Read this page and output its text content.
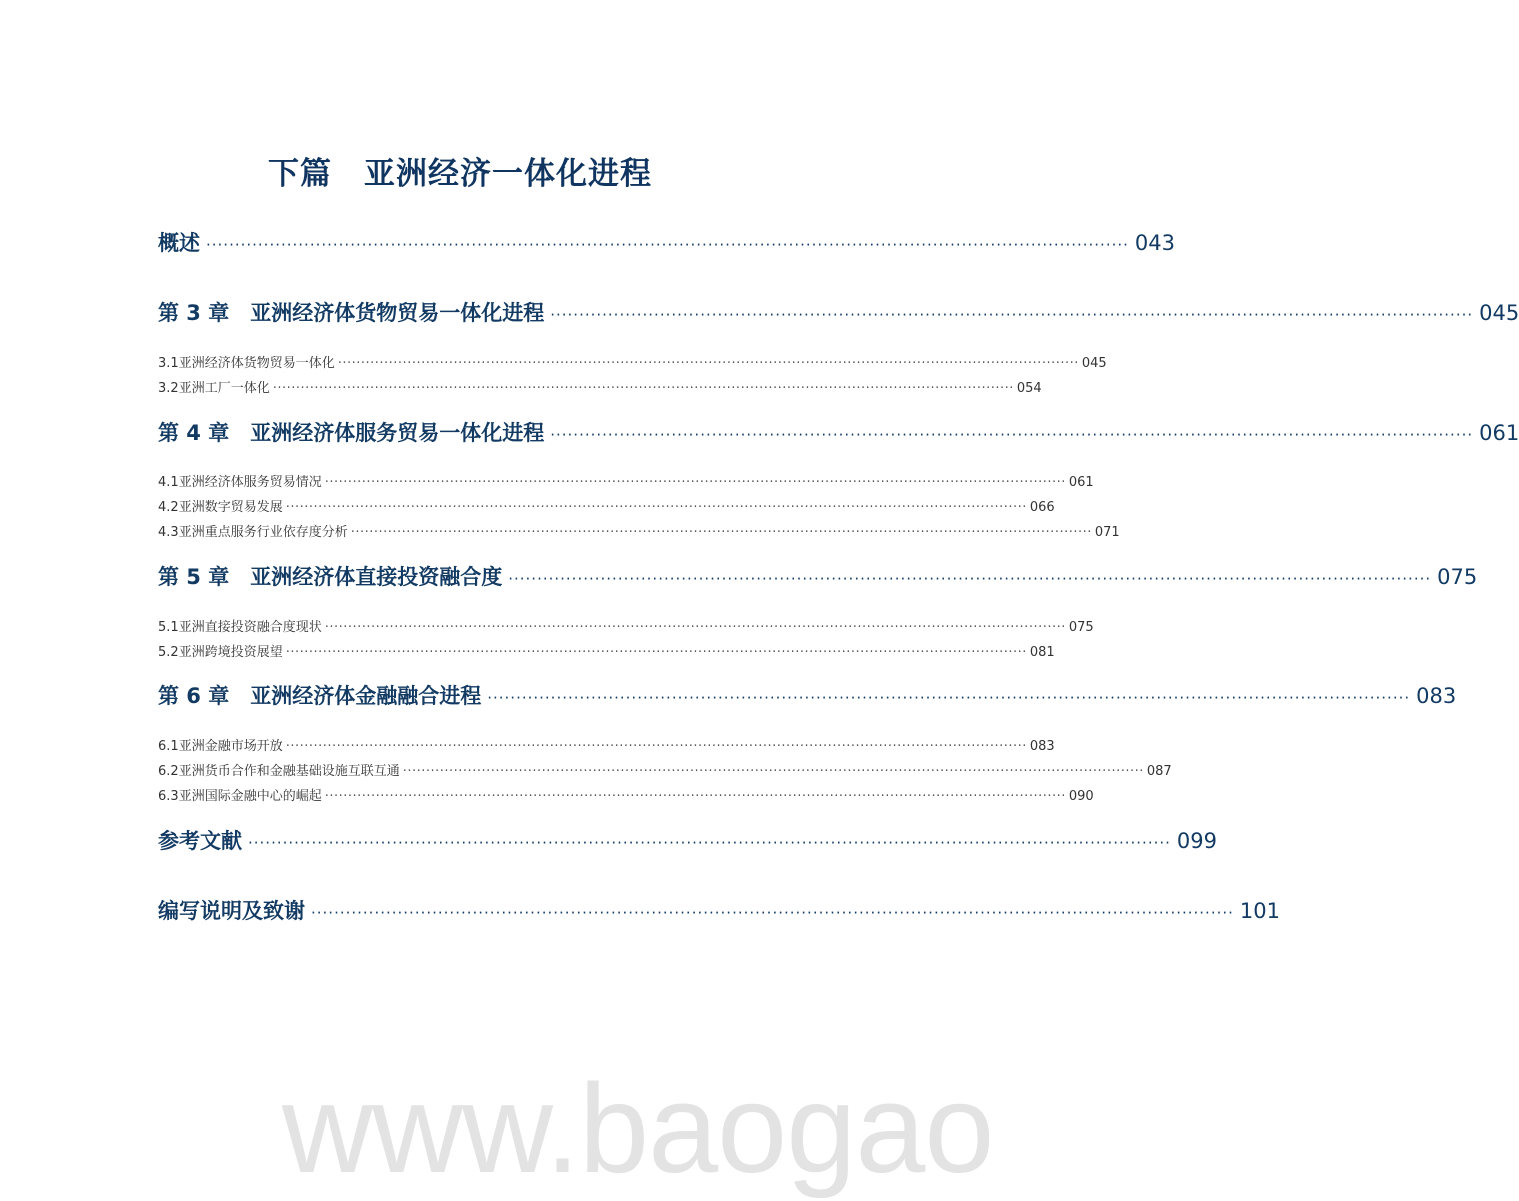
下篇　亚洲经济一体化进程
概述 ·····	043
第 3 章　亚洲经济体货物贸易一体化进程 ·····	045
3.1 亚洲经济体货物贸易一体化 ·····	045
3.2 亚洲工厂一体化 ·····	054
第 4 章　亚洲经济体服务贸易一体化进程 ·····	061
4.1 亚洲经济体服务贸易情况 ·····	061
4.2 亚洲数字贸易发展 ·····	066
4.3 亚洲重点服务行业依存度分析 ·····	071
第 5 章　亚洲经济体直接投资融合度 ·····	075
5.1 亚洲直接投资融合度现状 ·····	075
5.2 亚洲跨境投资展望 ·····	081
第 6 章　亚洲经济体金融融合进程 ·····	083
6.1 亚洲金融市场开放 ·····	083
6.2 亚洲货币合作和金融基础设施互联互通 ·····	087
6.3 亚洲国际金融中心的崛起 ·····	090
参考文献 ·····	099
编写说明及致谢 ·····	101
www.baogao
